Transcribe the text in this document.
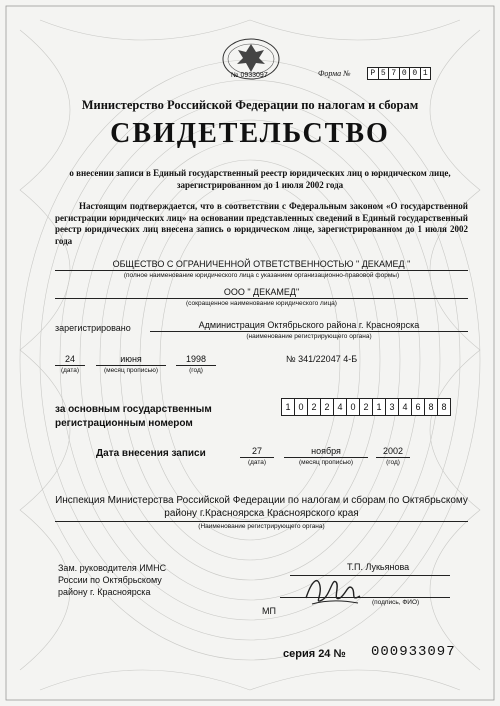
№ 0933097	Форма №	Р 5 7 0 0 1
Министерство Российской Федерации по налогам и сборам
СВИДЕТЕЛЬСТВО
о внесении записи в Единый государственный реестр юридических лиц о юридическом лице, зарегистрированном до 1 июля 2002 года
Настоящим подтверждается, что в соответствии с Федеральным законом «О государственной регистрации юридических лиц» на основании представленных сведений в Единый государственный реестр юридических лиц внесена запись о юридическом лице, зарегистрированном до 1 июля 2002 года
ОБЩЕСТВО С ОГРАНИЧЕННОЙ ОТВЕТСТВЕННОСТЬЮ " ДЕКАМЕД "
(полное наименование юридического лица с указанием организационно-правовой формы)
ООО " ДЕКАМЕД"
(сокращенное наименование юридического лица)
зарегистрировано	Администрация Октябрьского района г. Красноярска
(наименование регистрирующего органа)
24
(дата)
июня
(месяц прописью)
1998
(год)
№ 341/22047 4-Б
за основным государственным
регистрационным номером
1 0 2 2 4 0 2 1 3 4 6 8 8
Дата внесения записи	27
(дата)
ноября
(месяц прописью)
2002
(год)
Инспекция Министерства Российской Федерации по налогам и сборам по Октябрьскому
району г.Красноярска Красноярского края
(Наименование регистрирующего органа)
Зам. руководителя ИМНС
России по Октябрьскому
району г. Красноярска
Т.П. Лукьянова
МП
(подпись, ФИО)
серия 24 № 000933097
